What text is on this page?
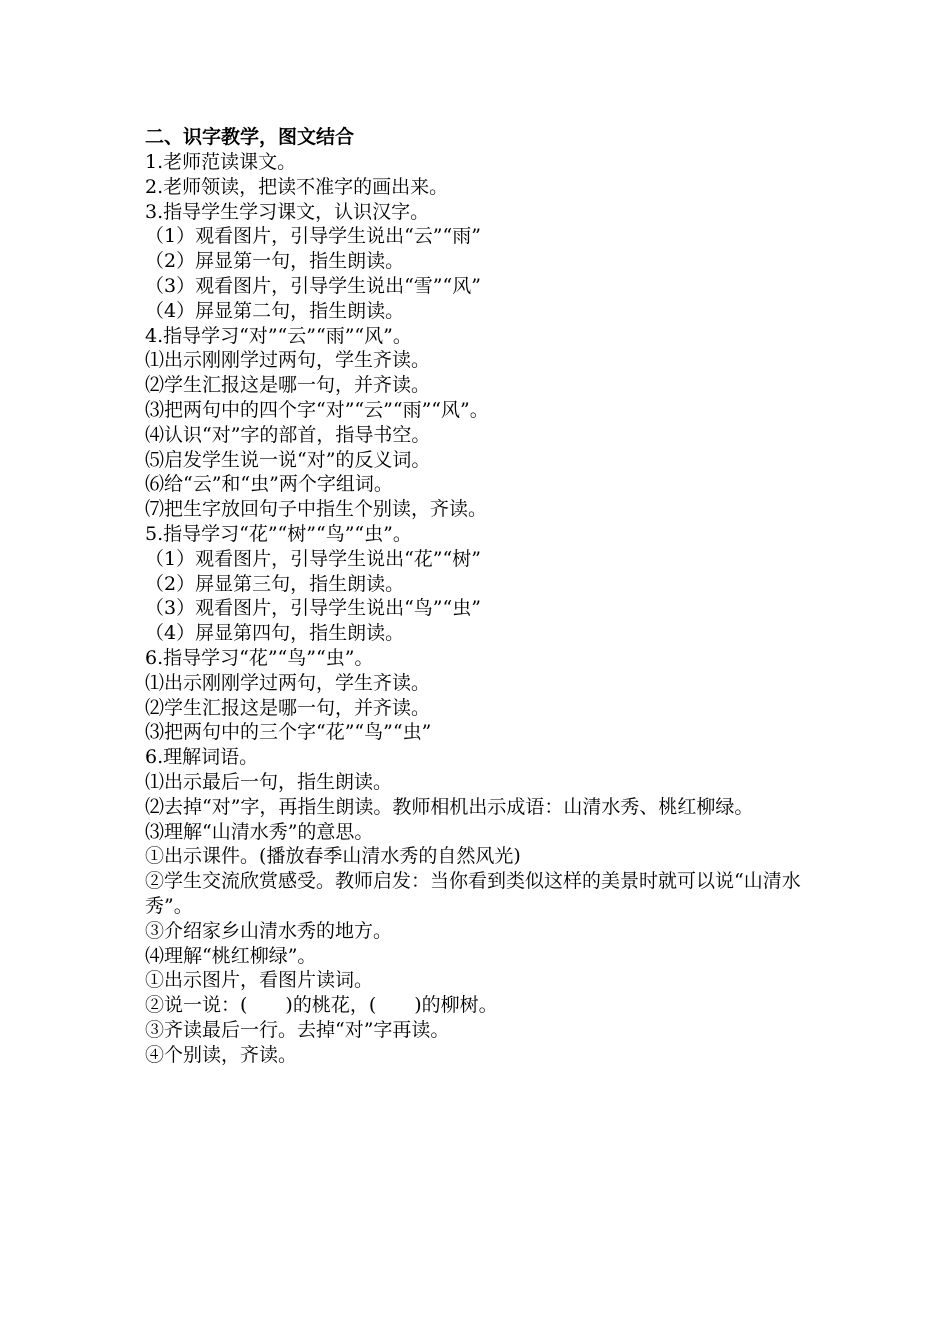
二、识字教学，图文结合
1.老师范读课文。
2.老师领读，把读不准字的画出来。
3.指导学生学习课文，认识汉字。
（1）观看图片，引导学生说出“云”“雨”
（2）屏显第一句，指生朗读。
（3）观看图片，引导学生说出“雪”“风”
（4）屏显第二句，指生朗读。
4.指导学习“对”“云”“雨”“风”。
⑴出示刚刚学过两句，学生齐读。
⑵学生汇报这是哪一句，并齐读。
⑶把两句中的四个字“对”“云”“雨”“风”。
⑷认识“对”字的部首，指导书空。
⑸启发学生说一说“对”的反义词。
⑹给“云”和“虫”两个字组词。
⑺把生字放回句子中指生个别读，齐读。
5.指导学习“花”“树”“鸟”“虫”。
（1）观看图片，引导学生说出“花”“树”
（2）屏显第三句，指生朗读。
（3）观看图片，引导学生说出“鸟”“虫”
（4）屏显第四句，指生朗读。
6.指导学习“花”“鸟”“虫”。
⑴出示刚刚学过两句，学生齐读。
⑵学生汇报这是哪一句，并齐读。
⑶把两句中的三个字“花”“鸟”“虫”
6.理解词语。
⑴出示最后一句，指生朗读。
⑵去掉“对”字，再指生朗读。教师相机出示成语：山清水秀、桃红柳绿。
⑶理解“山清水秀”的意思。
①出示课件。(播放春季山清水秀的自然风光)
②学生交流欣赏感受。教师启发：当你看到类似这样的美景时就可以说“山清水秀”。
③介绍家乡山清水秀的地方。
⑷理解“桃红柳绿”。
①出示图片，看图片读词。
②说一说：(　　)的桃花，(　　)的柳树。
③齐读最后一行。去掉“对”字再读。
④个别读，齐读。
